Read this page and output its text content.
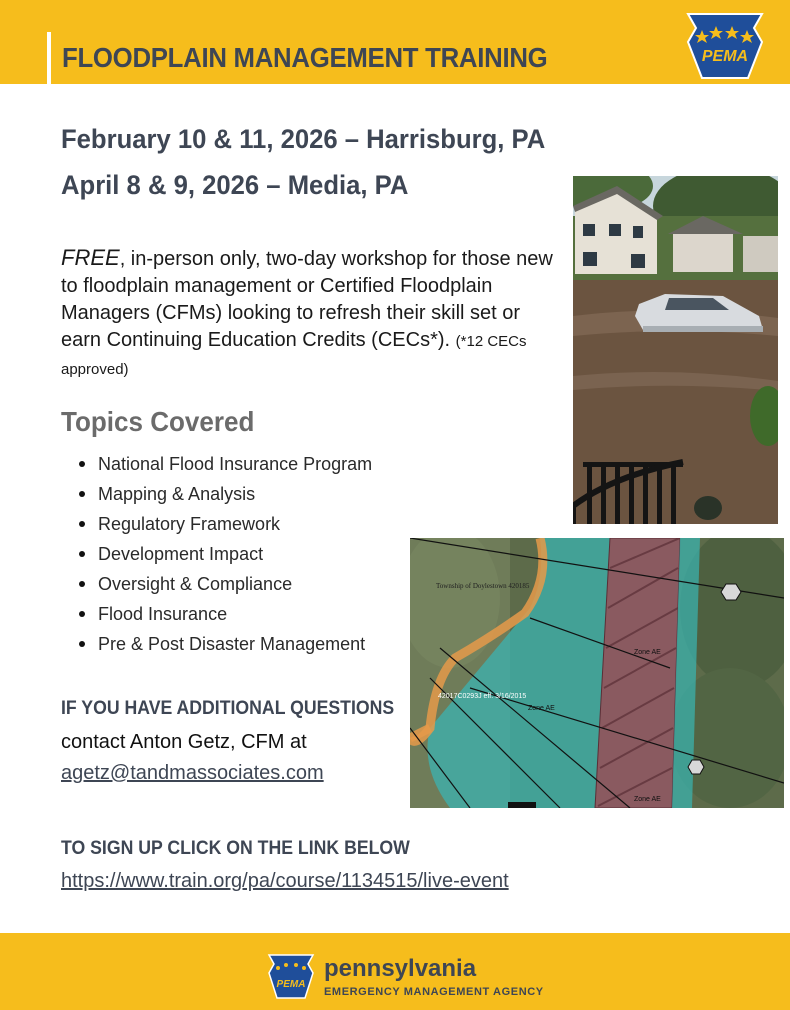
FLOODPLAIN MANAGEMENT TRAINING	PEMA
February 10 & 11, 2026 – Harrisburg, PA
April 8 & 9, 2026 – Media, PA
FREE, in-person only, two-day workshop for those new to floodplain management or Certified Floodplain Managers (CFMs) looking to refresh their skill set or earn Continuing Education Credits (CECs*). (*12 CECs approved)
Topics Covered
National Flood Insurance Program
Mapping & Analysis
Regulatory Framework
Development Impact
Oversight & Compliance
Flood Insurance
Pre & Post Disaster Management
IF YOU HAVE ADDITIONAL QUESTIONS
contact Anton Getz, CFM at
agetz@tandmassociates.com
TO SIGN UP CLICK ON THE LINK BELOW
https://www.train.org/pa/course/1134515/live-event
Township of Doylestown 420185
42017C0293J eff. 3/16/2015
Zone AE
Zone AE
Zone AE
PEMA
pennsylvania
EMERGENCY MANAGEMENT AGENCY
